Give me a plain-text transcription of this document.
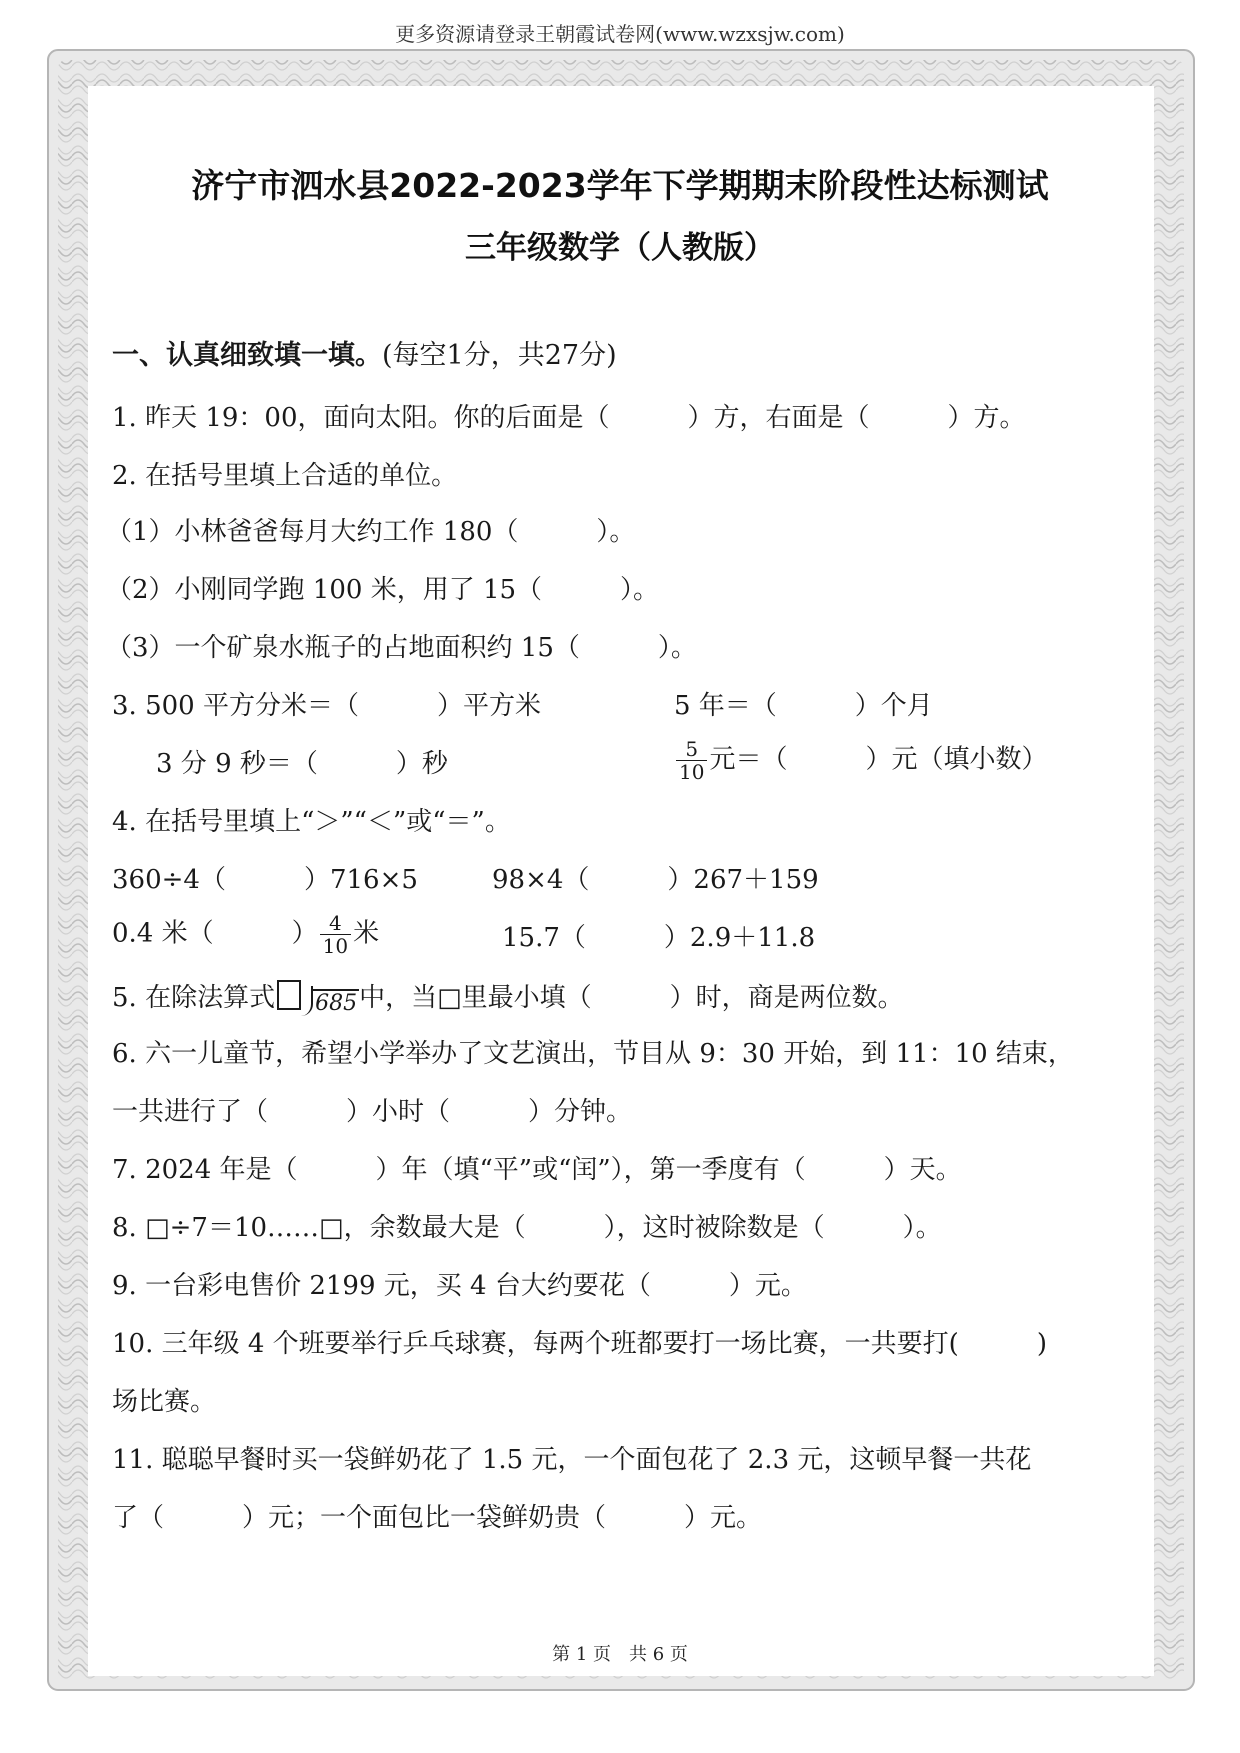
更多资源请登录王朝霞试卷网(www.wzxsjw.com)
济宁市泗水县2022-2023学年下学期期末阶段性达标测试
三年级数学（人教版）
一、认真细致填一填。(每空1分，共27分)
1. 昨天 19：00，面向太阳。你的后面是（　　　）方，右面是（　　　）方。
2. 在括号里填上合适的单位。
（1）小林爸爸每月大约工作 180（　　　）。
（2）小刚同学跑 100 米，用了 15（　　　）。
（3）一个矿泉水瓶子的占地面积约 15（　　　）。
3. 500 平方分米＝（　　　）平方米	5 年＝（　　　）个月
3 分 9 秒＝（　　　）秒	$\frac{5}{10}$ 元＝（　　　）元（填小数）
4. 在括号里填上“＞”“＜”或“＝”。
360÷4（　　　）716×5	98×4（　　　）267＋159
0.4 米（　　　） $\frac{4}{10}$ 米	15.7（　　　）2.9＋11.8
5. 在除法算式 685中，当□里最小填（　　　）时，商是两位数。
6. 六一儿童节，希望小学举办了文艺演出，节目从 9：30 开始，到 11：10 结束，
一共进行了（　　　）小时（　　　）分钟。
7. 2024 年是（　　　）年（填“平”或“闰”），第一季度有（　　　）天。
8. □÷7＝10……□，余数最大是（　　　），这时被除数是（　　　）。
9. 一台彩电售价 2199 元，买 4 台大约要花（　　　）元。
10. 三年级 4 个班要举行乒乓球赛，每两个班都要打一场比赛，一共要打(　　　)
场比赛。
11. 聪聪早餐时买一袋鲜奶花了 1.5 元，一个面包花了 2.3 元，这顿早餐一共花
了（　　　）元；一个面包比一袋鲜奶贵（　　　）元。
第 1 页　共 6 页
